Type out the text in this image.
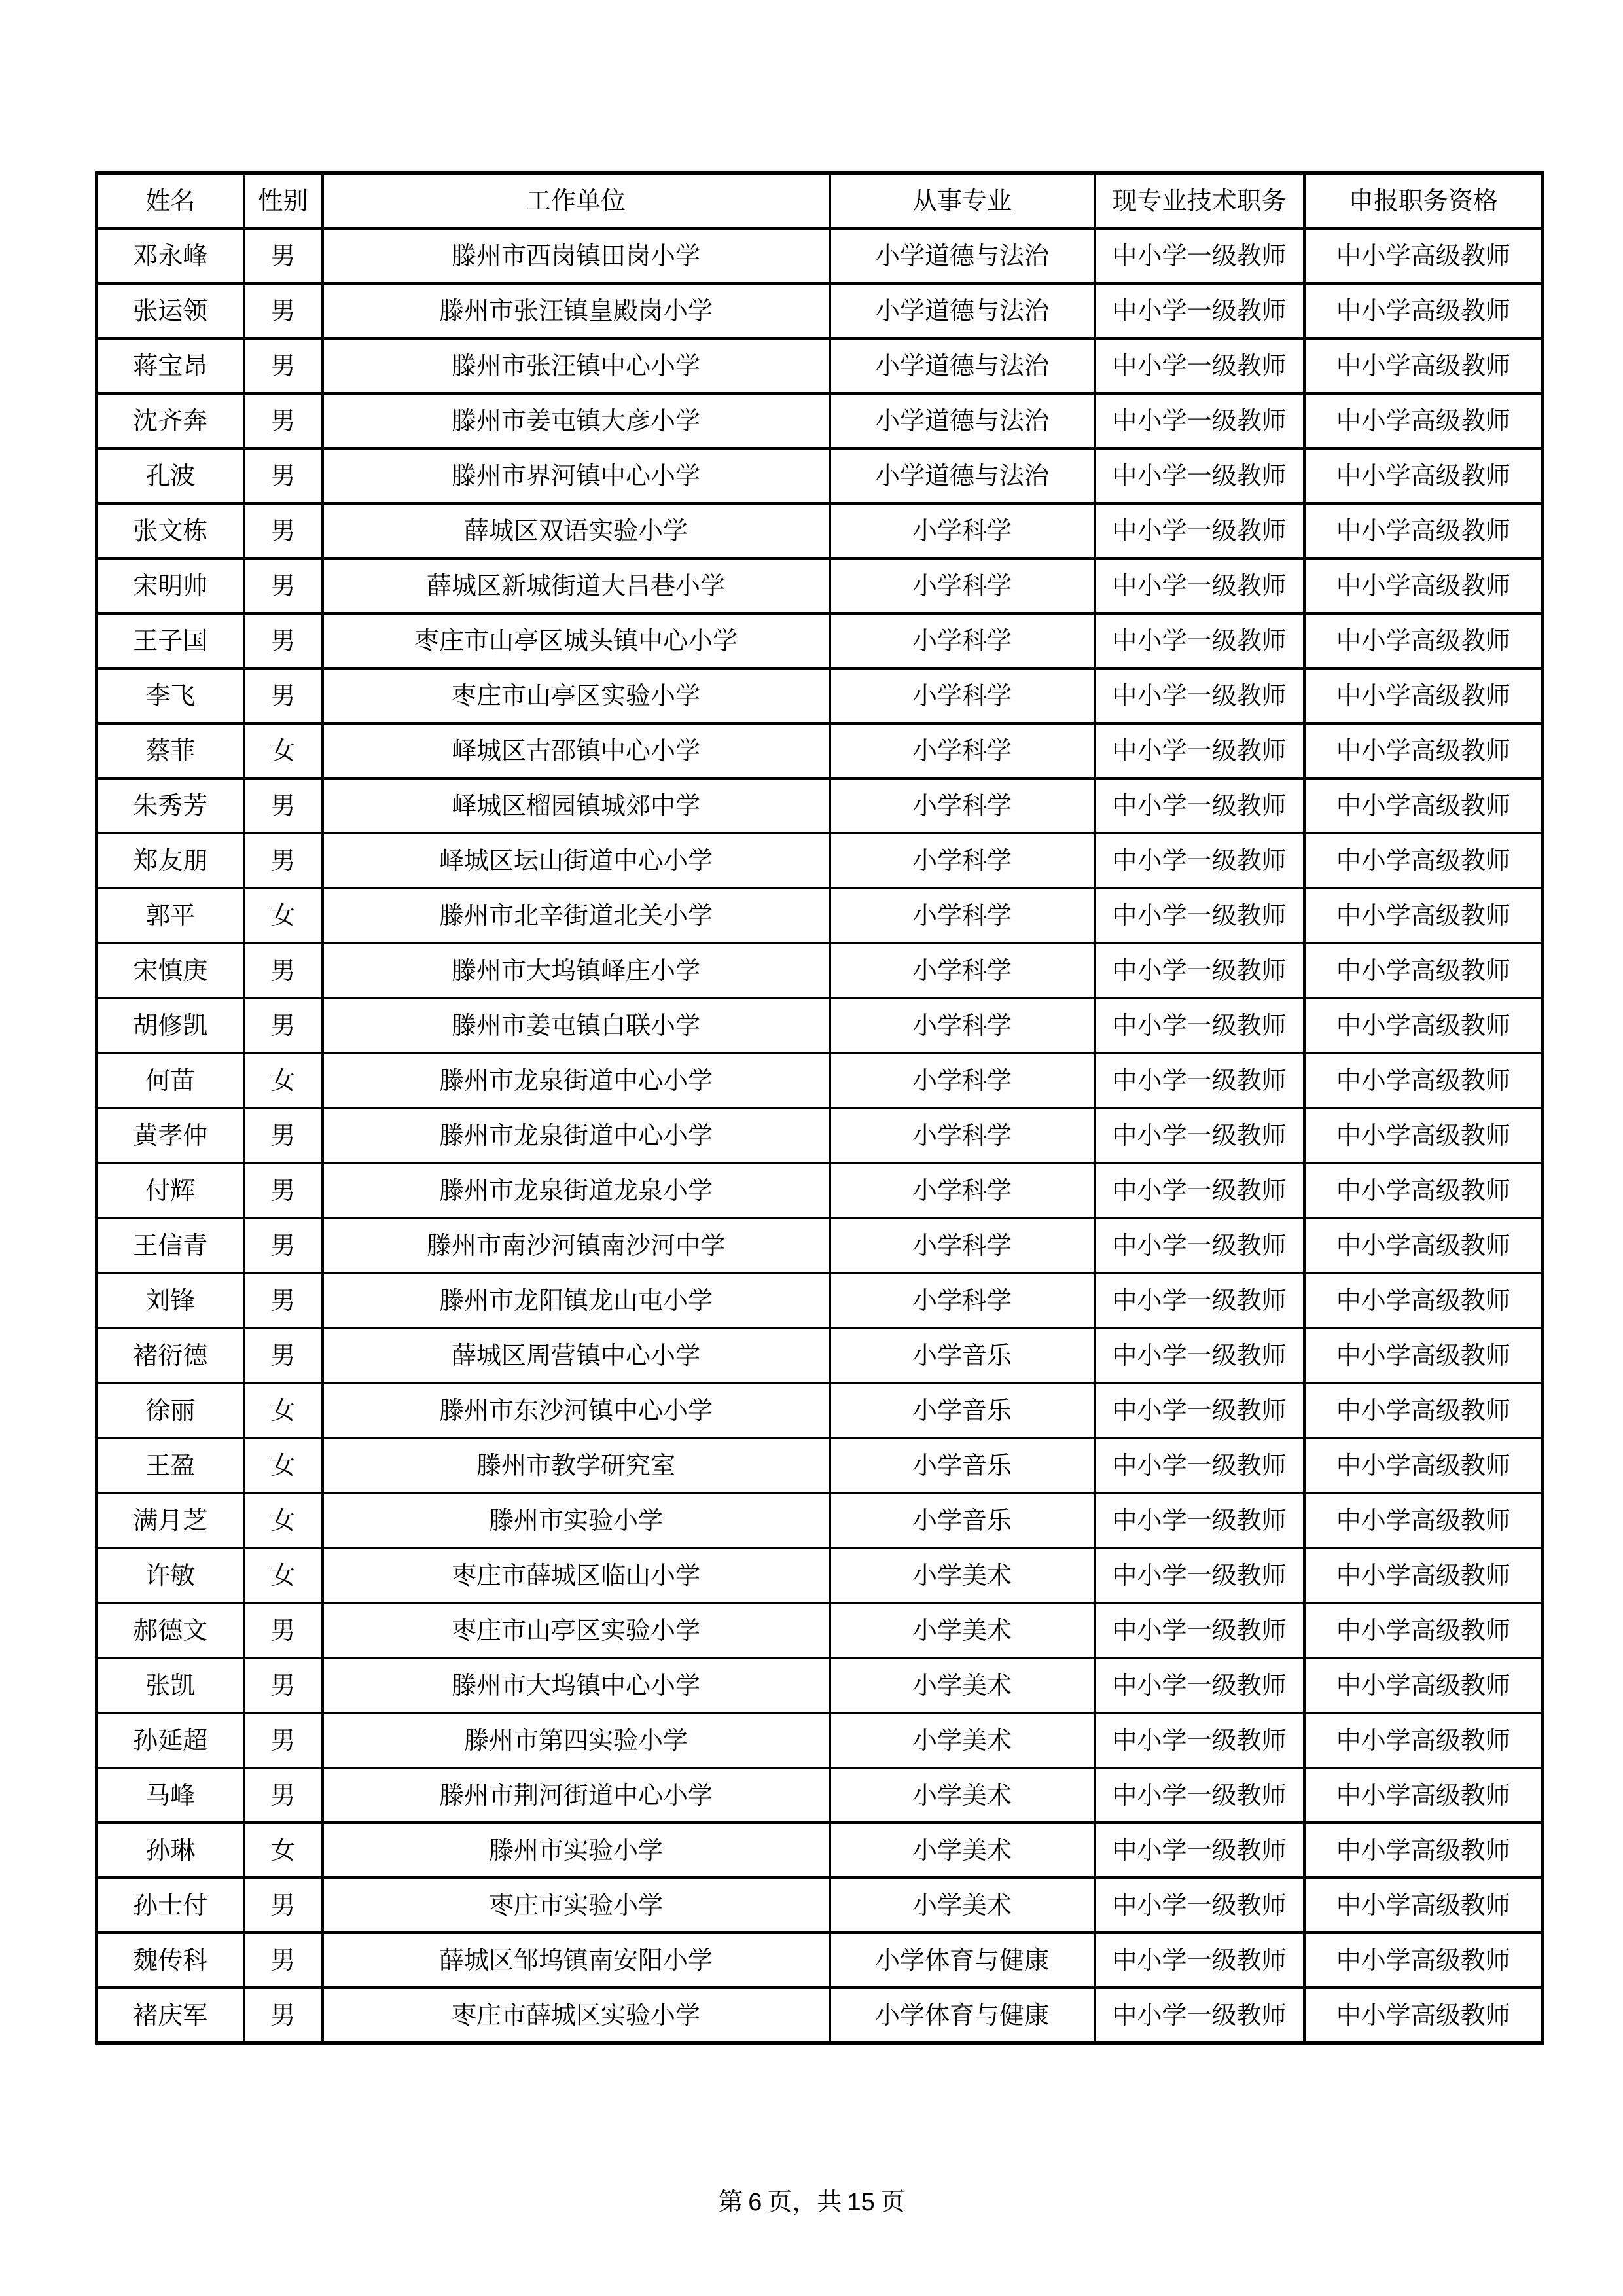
姓名	性别	工作单位	从事专业	现专业技术职务	申报职务资格
邓永峰	男	滕州市西岗镇田岗小学	小学道德与法治	中小学一级教师	中小学高级教师
张运领	男	滕州市张汪镇皇殿岗小学	小学道德与法治	中小学一级教师	中小学高级教师
蒋宝昂	男	滕州市张汪镇中心小学	小学道德与法治	中小学一级教师	中小学高级教师
沈齐奔	男	滕州市姜屯镇大彦小学	小学道德与法治	中小学一级教师	中小学高级教师
孔波	男	滕州市界河镇中心小学	小学道德与法治	中小学一级教师	中小学高级教师
张文栋	男	薛城区双语实验小学	小学科学	中小学一级教师	中小学高级教师
宋明帅	男	薛城区新城街道大吕巷小学	小学科学	中小学一级教师	中小学高级教师
王子国	男	枣庄市山亭区城头镇中心小学	小学科学	中小学一级教师	中小学高级教师
李飞	男	枣庄市山亭区实验小学	小学科学	中小学一级教师	中小学高级教师
蔡菲	女	峄城区古邵镇中心小学	小学科学	中小学一级教师	中小学高级教师
朱秀芳	男	峄城区榴园镇城郊中学	小学科学	中小学一级教师	中小学高级教师
郑友朋	男	峄城区坛山街道中心小学	小学科学	中小学一级教师	中小学高级教师
郭平	女	滕州市北辛街道北关小学	小学科学	中小学一级教师	中小学高级教师
宋慎庚	男	滕州市大坞镇峄庄小学	小学科学	中小学一级教师	中小学高级教师
胡修凯	男	滕州市姜屯镇白联小学	小学科学	中小学一级教师	中小学高级教师
何苗	女	滕州市龙泉街道中心小学	小学科学	中小学一级教师	中小学高级教师
黄孝仲	男	滕州市龙泉街道中心小学	小学科学	中小学一级教师	中小学高级教师
付辉	男	滕州市龙泉街道龙泉小学	小学科学	中小学一级教师	中小学高级教师
王信青	男	滕州市南沙河镇南沙河中学	小学科学	中小学一级教师	中小学高级教师
刘锋	男	滕州市龙阳镇龙山屯小学	小学科学	中小学一级教师	中小学高级教师
褚衍德	男	薛城区周营镇中心小学	小学音乐	中小学一级教师	中小学高级教师
徐丽	女	滕州市东沙河镇中心小学	小学音乐	中小学一级教师	中小学高级教师
王盈	女	滕州市教学研究室	小学音乐	中小学一级教师	中小学高级教师
满月芝	女	滕州市实验小学	小学音乐	中小学一级教师	中小学高级教师
许敏	女	枣庄市薛城区临山小学	小学美术	中小学一级教师	中小学高级教师
郝德文	男	枣庄市山亭区实验小学	小学美术	中小学一级教师	中小学高级教师
张凯	男	滕州市大坞镇中心小学	小学美术	中小学一级教师	中小学高级教师
孙延超	男	滕州市第四实验小学	小学美术	中小学一级教师	中小学高级教师
马峰	男	滕州市荆河街道中心小学	小学美术	中小学一级教师	中小学高级教师
孙琳	女	滕州市实验小学	小学美术	中小学一级教师	中小学高级教师
孙士付	男	枣庄市实验小学	小学美术	中小学一级教师	中小学高级教师
魏传科	男	薛城区邹坞镇南安阳小学	小学体育与健康	中小学一级教师	中小学高级教师
褚庆军	男	枣庄市薛城区实验小学	小学体育与健康	中小学一级教师	中小学高级教师
第 6 页，共 15 页
